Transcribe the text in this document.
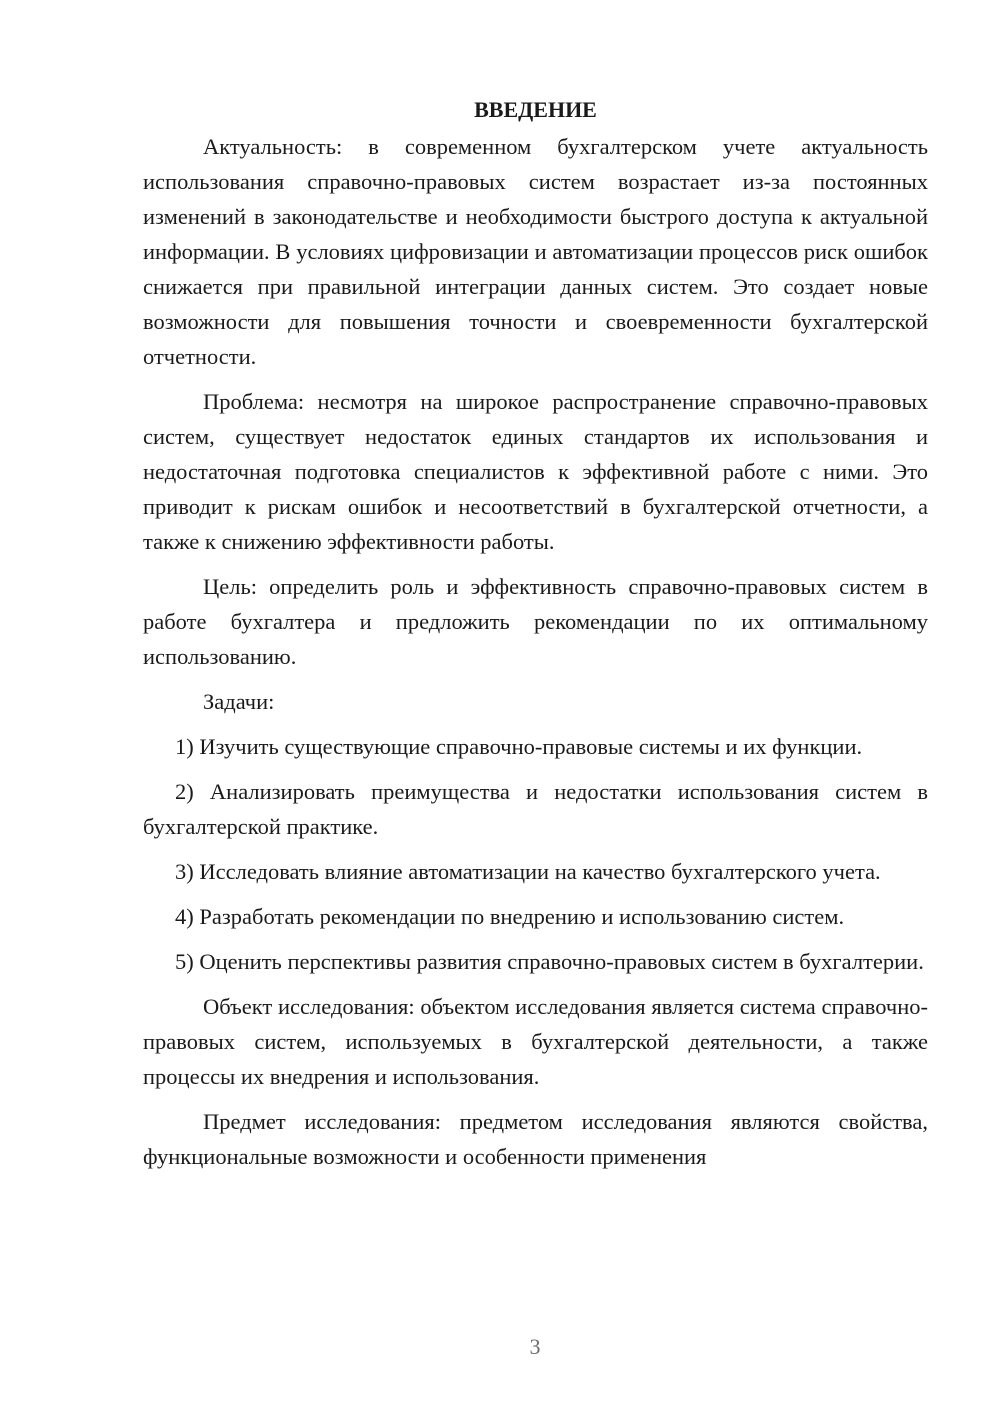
ВВЕДЕНИЕ

Актуальность: в современном бухгалтерском учете актуальность использования справочно-правовых систем возрастает из-за постоянных изменений в законодательстве и необходимости быстрого доступа к актуальной информации. В условиях цифровизации и автоматизации процессов риск ошибок снижается при правильной интеграции данных систем. Это создает новые возможности для повышения точности и своевременности бухгалтерской отчетности.

Проблема: несмотря на широкое распространение справочно-правовых систем, существует недостаток единых стандартов их использования и недостаточная подготовка специалистов к эффективной работе с ними. Это приводит к рискам ошибок и несоответствий в бухгалтерской отчетности, а также к снижению эффективности работы.

Цель: определить роль и эффективность справочно-правовых систем в работе бухгалтера и предложить рекомендации по их оптимальному использованию.

Задачи:

1) Изучить существующие справочно-правовые системы и их функции.

2) Анализировать преимущества и недостатки использования систем в бухгалтерской практике.

3) Исследовать влияние автоматизации на качество бухгалтерского учета.

4) Разработать рекомендации по внедрению и использованию систем.

5) Оценить перспективы развития справочно-правовых систем в бухгалтерии.

Объект исследования: объектом исследования является система справочно-правовых систем, используемых в бухгалтерской деятельности, а также процессы их внедрения и использования.

Предмет исследования: предметом исследования являются свойства, функциональные возможности и особенности применения

3
